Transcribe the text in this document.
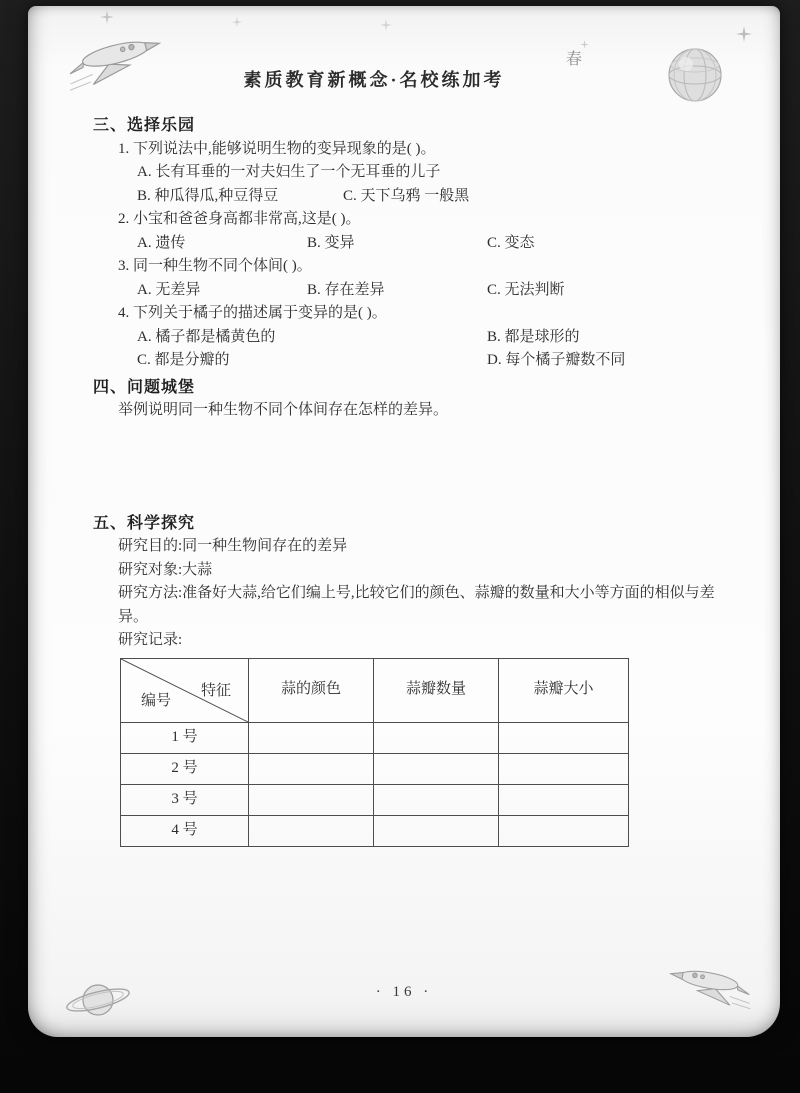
素质教育新概念·名校练加考
春
三、选择乐园
1. 下列说法中,能够说明生物的变异现象的是( )。
A. 长有耳垂的一对夫妇生了一个无耳垂的儿子
B. 种瓜得瓜,种豆得豆	C. 天下乌鸦 一般黑
2. 小宝和爸爸身高都非常高,这是( )。
A. 遗传	B. 变异	C. 变态
3. 同一种生物不同个体间( )。
A. 无差异	B. 存在差异	C. 无法判断
4. 下列关于橘子的描述属于变异的是( )。
A. 橘子都是橘黄色的	B. 都是球形的
C. 都是分瓣的	D. 每个橘子瓣数不同
四、问题城堡
举例说明同一种生物不同个体间存在怎样的差异。
五、科学探究
研究目的:同一种生物间存在的差异
研究对象:大蒜
研究方法:准备好大蒜,给它们编上号,比较它们的颜色、蒜瓣的数量和大小等方面的相似与差异。
研究记录:
特征
编号	蒜的颜色	蒜瓣数量	蒜瓣大小
1 号			
2 号			
3 号			
4 号			
· 16 ·
